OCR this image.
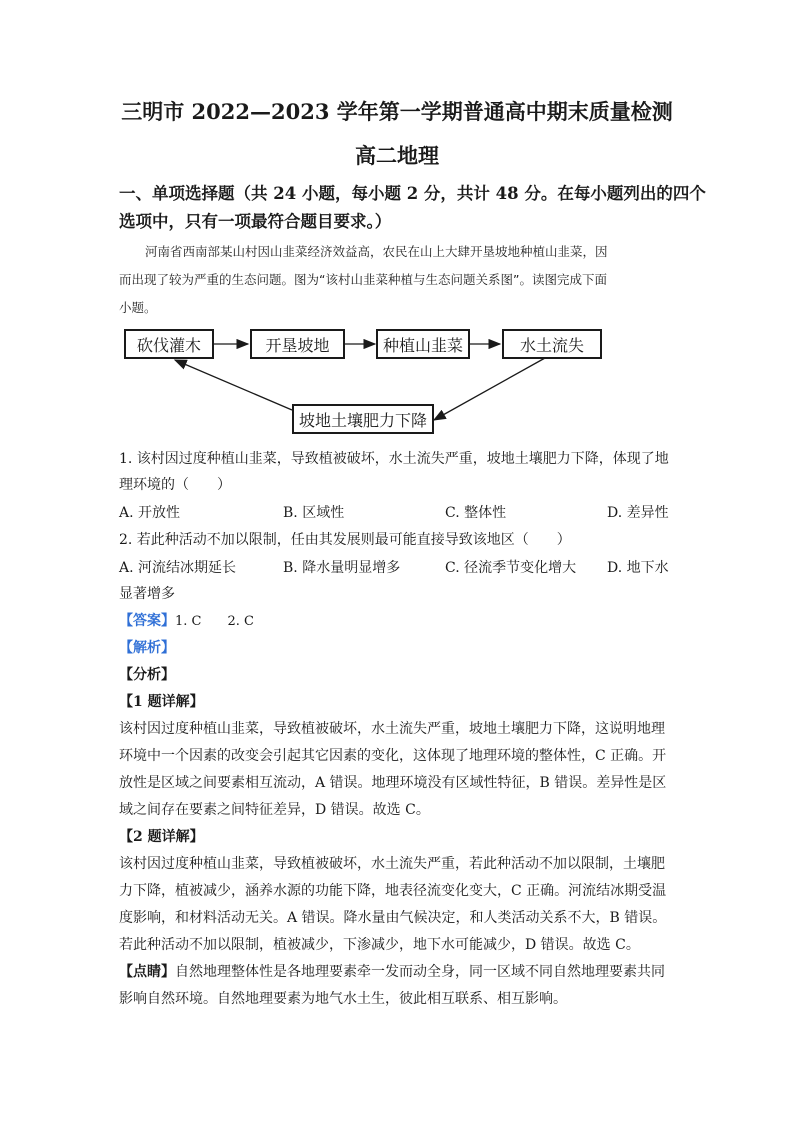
三明市 2022—2023 学年第一学期普通高中期末质量检测

高二地理

一、单项选择题（共 24 小题，每小题 2 分，共计 48 分。在每小题列出的四个

选项中，只有一项最符合题目要求。）

河南省西南部某山村因山韭菜经济效益高，农民在山上大肆开垦坡地种植山韭菜，因

而出现了较为严重的生态问题。图为“该村山韭菜种植与生态问题关系图”。读图完成下面

小题。

砍伐灌木	开垦坡地	种植山韭菜	水土流失
坡地土壤肥力下降

1. 该村因过度种植山韭菜，导致植被破坏，水土流失严重，坡地土壤肥力下降，体现了地

理环境的（　　）

A. 开放性	B. 区域性	C. 整体性	D. 差异性

2. 若此种活动不加以限制，任由其发展则最可能直接导致该地区（　　）

A. 河流结冰期延长	B. 降水量明显增多	C. 径流季节变化增大 D. 地下水

显著增多

【答案】1. C　　2. C

【解析】

【分析】

【1 题详解】

该村因过度种植山韭菜，导致植被破坏，水土流失严重，坡地土壤肥力下降，这说明地理

环境中一个因素的改变会引起其它因素的变化，这体现了地理环境的整体性，C 正确。开

放性是区域之间要素相互流动，A 错误。地理环境没有区域性特征，B 错误。差异性是区

域之间存在要素之间特征差异，D 错误。故选 C。

【2 题详解】

该村因过度种植山韭菜，导致植被破坏，水土流失严重，若此种活动不加以限制，土壤肥

力下降，植被减少，涵养水源的功能下降，地表径流变化变大，C 正确。河流结冰期受温

度影响，和材料活动无关。A 错误。降水量由气候决定，和人类活动关系不大，B 错误。

若此种活动不加以限制，植被减少，下渗减少，地下水可能减少，D 错误。故选 C。

【点睛】自然地理整体性是各地理要素牵一发而动全身，同一区域不同自然地理要素共同

影响自然环境。自然地理要素为地气水土生，彼此相互联系、相互影响。
